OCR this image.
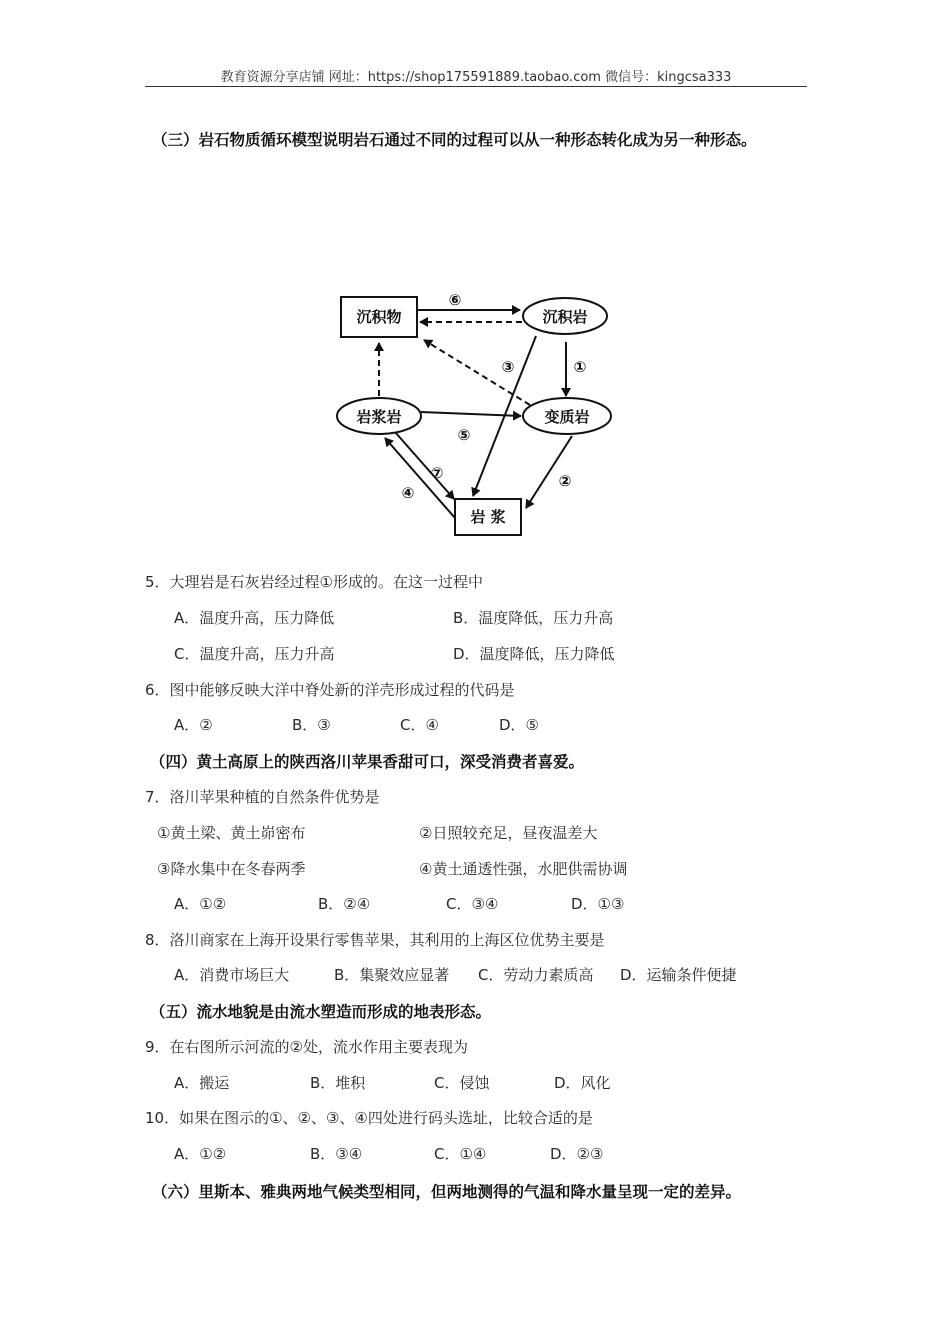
教育资源分享店铺 网址：https://shop175591889.taobao.com 微信号：kingcsa333
（三）岩石物质循环模型说明岩石通过不同的过程可以从一种形态转化成为另一种形态。
沉积物	沉积岩
岩浆岩	变质岩
岩 浆
⑥
①
③
⑤
⑦
④
②
5．大理岩是石灰岩经过程①形成的。在这一过程中
A．温度升高，压力降低	B．温度降低，压力升高
C．温度升高，压力升高	D．温度降低，压力降低
6．图中能够反映大洋中脊处新的洋壳形成过程的代码是
A．②	B．③	C．④	D．⑤
（四）黄土高原上的陕西洛川苹果香甜可口，深受消费者喜爱。
7．洛川苹果种植的自然条件优势是
①黄土梁、黄土峁密布	②日照较充足，昼夜温差大
③降水集中在冬春两季	④黄土通透性强，水肥供需协调
A．①②	B．②④	C．③④	D．①③
8．洛川商家在上海开设果行零售苹果，其利用的上海区位优势主要是
A．消费市场巨大	B．集聚效应显著 C．劳动力素质高 D．运输条件便捷
（五）流水地貌是由流水塑造而形成的地表形态。
9．在右图所示河流的②处，流水作用主要表现为
A．搬运	B．堆积	C．侵蚀	D．风化
10．如果在图示的①、②、③、④四处进行码头选址，比较合适的是
A．①②	B．③④	C．①④	D．②③
（六）里斯本、雅典两地气候类型相同，但两地测得的气温和降水量呈现一定的差异。
